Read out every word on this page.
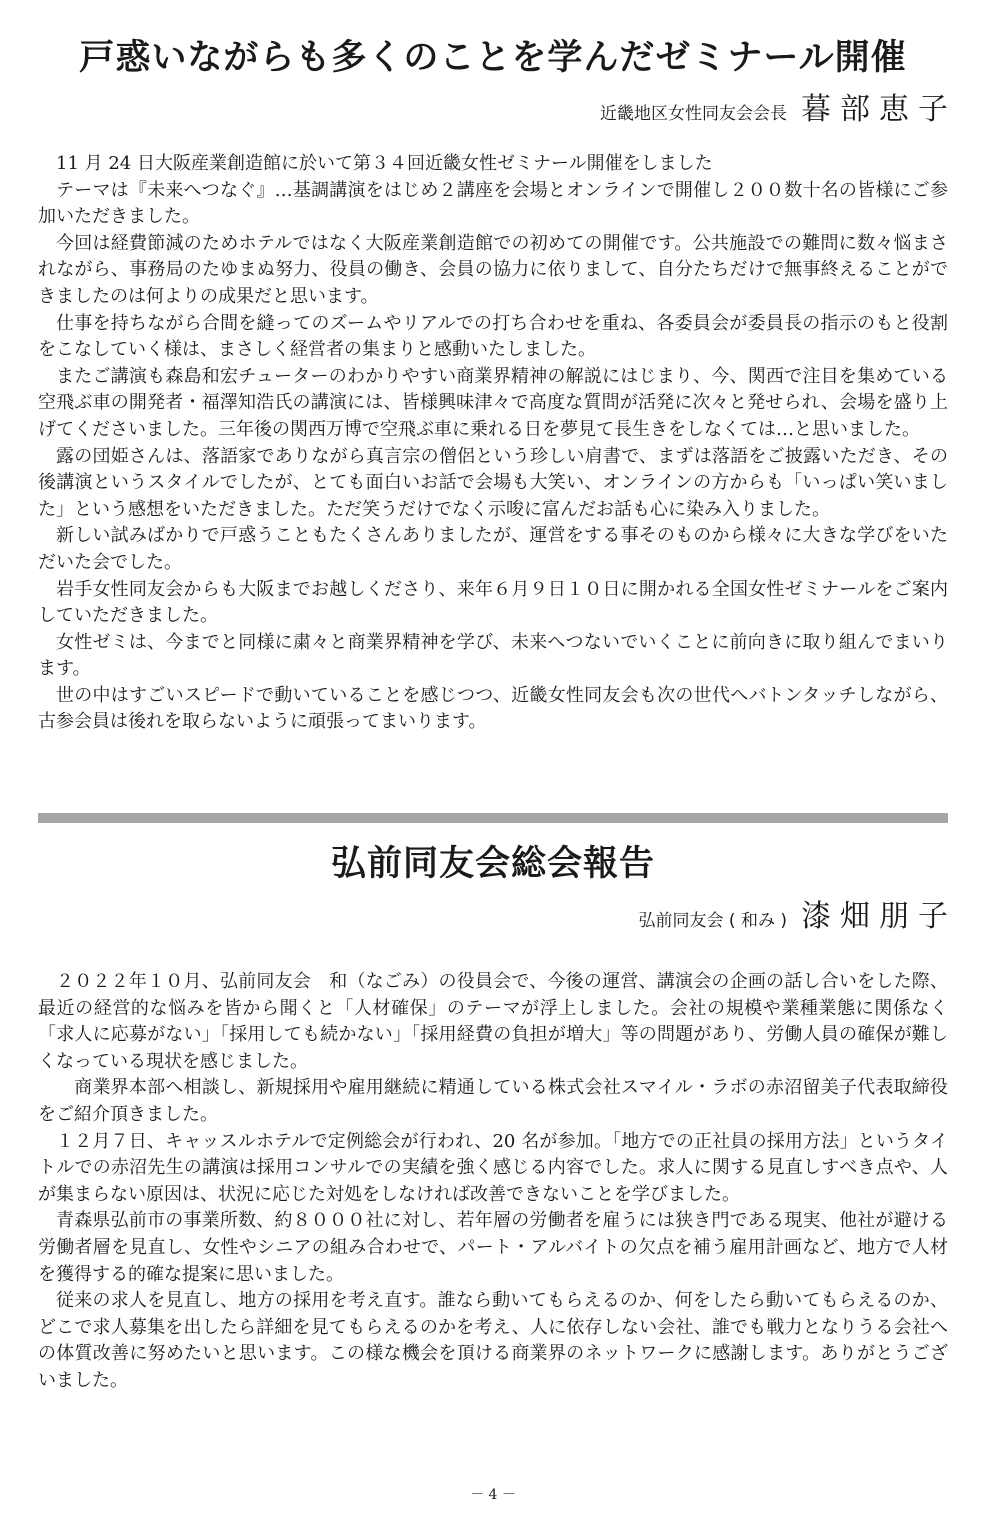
戸惑いながらも多くのことを学んだゼミナール開催
近畿地区女性同友会会長 暮部恵子

11 月 24 日大阪産業創造館に於いて第３４回近畿女性ゼミナール開催をしました

テーマは『未来へつなぐ』…基調講演をはじめ２講座を会場とオンラインで開催し２００数十名の皆様にご参加いただきました。

今回は経費節減のためホテルではなく大阪産業創造館での初めての開催です。公共施設での難問に数々悩まされながら、事務局のたゆまぬ努力、役員の働き、会員の協力に依りまして、自分たちだけで無事終えることができましたのは何よりの成果だと思います。

仕事を持ちながら合間を縫ってのズームやリアルでの打ち合わせを重ね、各委員会が委員長の指示のもと役割をこなしていく様は、まさしく経営者の集まりと感動いたしました。

またご講演も森島和宏チューターのわかりやすい商業界精神の解説にはじまり、今、関西で注目を集めている空飛ぶ車の開発者・福澤知浩氏の講演には、皆様興味津々で高度な質問が活発に次々と発せられ、会場を盛り上げてくださいました。三年後の関西万博で空飛ぶ車に乗れる日を夢見て長生きをしなくては…と思いました。

露の団姫さんは、落語家でありながら真言宗の僧侶という珍しい肩書で、まずは落語をご披露いただき、その後講演というスタイルでしたが、とても面白いお話で会場も大笑い、オンラインの方からも「いっぱい笑いました」という感想をいただきました。ただ笑うだけでなく示唆に富んだお話も心に染み入りました。

新しい試みばかりで戸惑うこともたくさんありましたが、運営をする事そのものから様々に大きな学びをいただいた会でした。

岩手女性同友会からも大阪までお越しくださり、来年６月９日１０日に開かれる全国女性ゼミナールをご案内していただきました。

女性ゼミは、今までと同様に粛々と商業界精神を学び、未来へつないでいくことに前向きに取り組んでまいります。

世の中はすごいスピードで動いていることを感じつつ、近畿女性同友会も次の世代へバトンタッチしながら、古参会員は後れを取らないように頑張ってまいります。

弘前同友会総会報告
弘前同友会 ( 和み ) 漆畑朋子

２０２２年１０月、弘前同友会　和（なごみ）の役員会で、今後の運営、講演会の企画の話し合いをした際、最近の経営的な悩みを皆から聞くと「人材確保」のテーマが浮上しました。会社の規模や業種業態に関係なく「求人に応募がない」「採用しても続かない」「採用経費の負担が増大」等の問題があり、労働人員の確保が難しくなっている現状を感じました。

　商業界本部へ相談し、新規採用や雇用継続に精通している株式会社スマイル・ラボの赤沼留美子代表取締役をご紹介頂きました。

１２月７日、キャッスルホテルで定例総会が行われ、20 名が参加。「地方での正社員の採用方法」というタイトルでの赤沼先生の講演は採用コンサルでの実績を強く感じる内容でした。求人に関する見直しすべき点や、人が集まらない原因は、状況に応じた対処をしなければ改善できないことを学びました。

青森県弘前市の事業所数、約８０００社に対し、若年層の労働者を雇うには狭き門である現実、他社が避ける労働者層を見直し、女性やシニアの組み合わせで、パート・アルバイトの欠点を補う雇用計画など、地方で人材を獲得する的確な提案に思いました。

従来の求人を見直し、地方の採用を考え直す。誰なら動いてもらえるのか、何をしたら動いてもらえるのか、どこで求人募集を出したら詳細を見てもらえるのかを考え、人に依存しない会社、誰でも戦力となりうる会社への体質改善に努めたいと思います。この様な機会を頂ける商業界のネットワークに感謝します。ありがとうございました。

－ 4 －
